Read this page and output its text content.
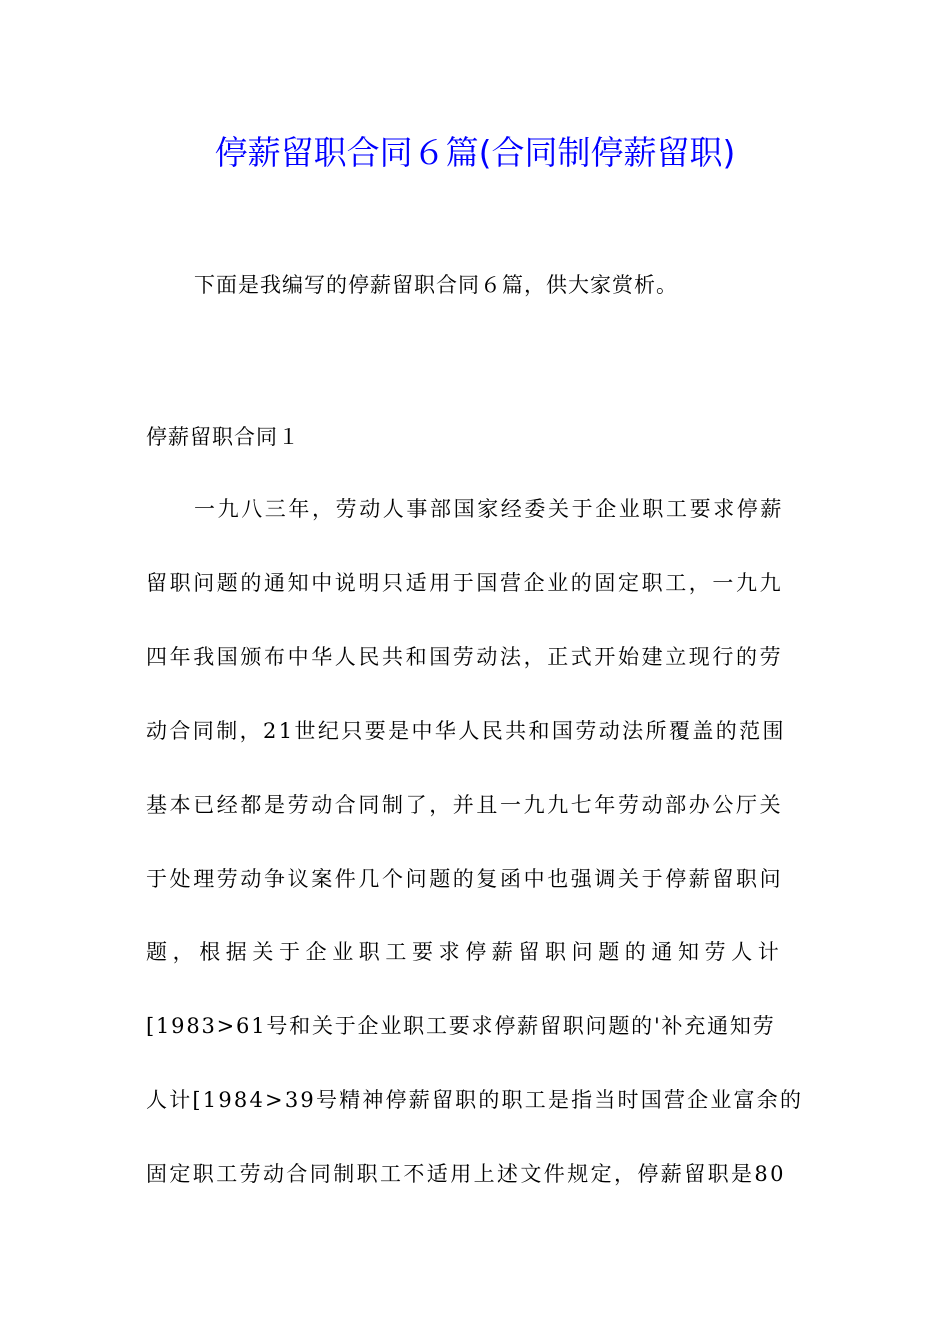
停薪留职合同６篇(合同制停薪留职)
下面是我编写的停薪留职合同６篇，供大家赏析。
停薪留职合同１
一九八三年，劳动人事部国家经委关于企业职工要求停薪
留职问题的通知中说明只适用于国营企业的固定职工，一九九
四年我国颁布中华人民共和国劳动法，正式开始建立现行的劳
动合同制，21世纪只要是中华人民共和国劳动法所覆盖的范围
基本已经都是劳动合同制了，并且一九九七年劳动部办公厅关
于处理劳动争议案件几个问题的复函中也强调关于停薪留职问
题，根据关于企业职工要求停薪留职问题的通知劳人计
[1983>61号和关于企业职工要求停薪留职问题的'补充通知劳
人计[1984>39号精神停薪留职的职工是指当时国营企业富余的
固定职工劳动合同制职工不适用上述文件规定，停薪留职是80
